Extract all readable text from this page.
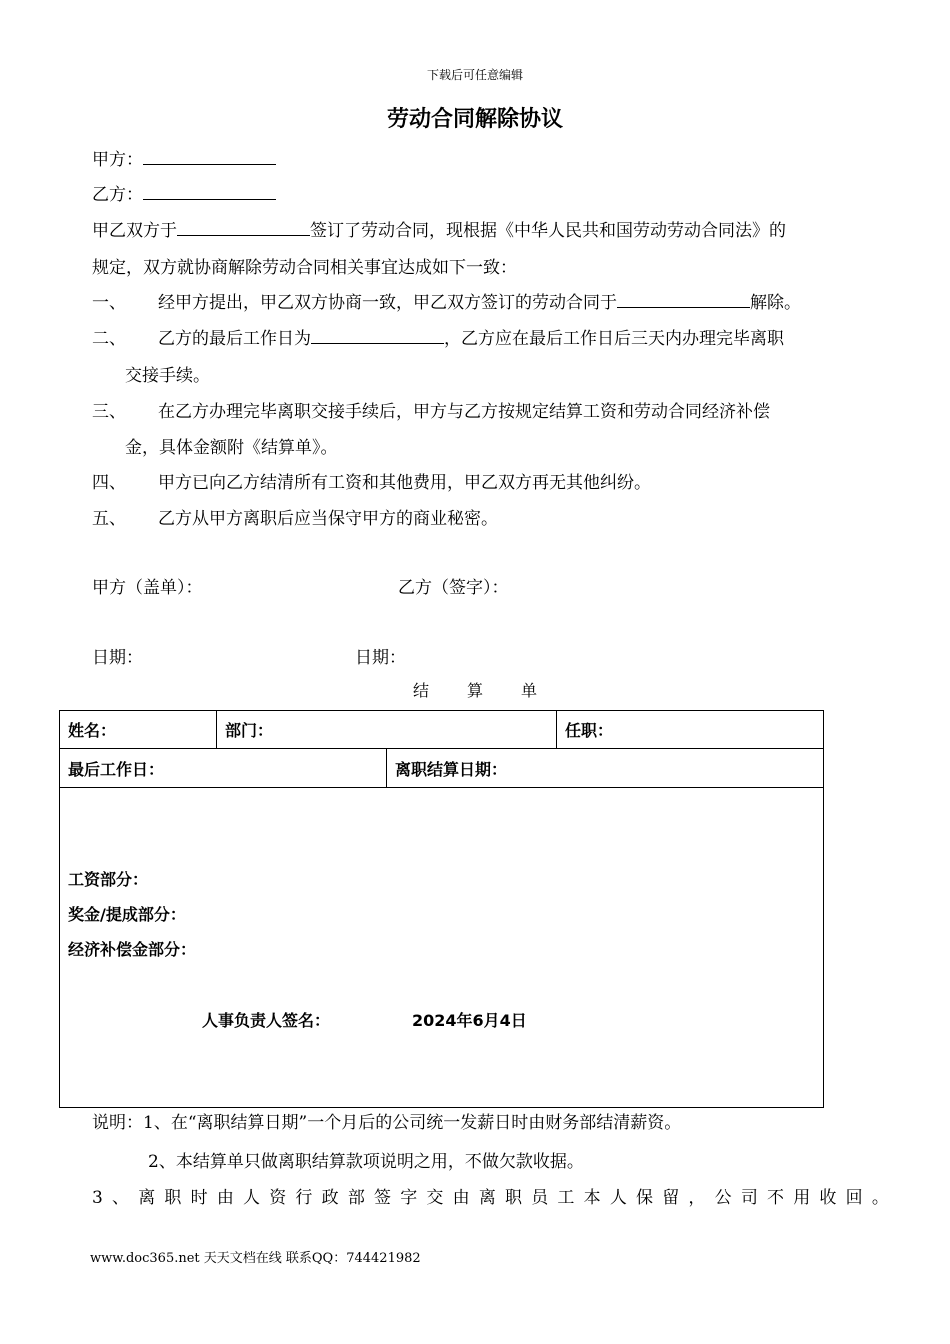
下载后可任意编辑
劳动合同解除协议
甲方：
乙方：
甲乙双方于	签订了劳动合同，现根据《中华人民共和国劳动劳动合同法》的
规定，双方就协商解除劳动合同相关事宜达成如下一致：
一、 经甲方提出，甲乙双方协商一致，甲乙双方签订的劳动合同于	解除。
二、 乙方的最后工作日为	，乙方应在最后工作日后三天内办理完毕离职
交接手续。
三、 在乙方办理完毕离职交接手续后，甲方与乙方按规定结算工资和劳动合同经济补偿
金，具体金额附《结算单》。
四、 甲方已向乙方结清所有工资和其他费用，甲乙双方再无其他纠纷。
五、 乙方从甲方离职后应当保守甲方的商业秘密。
甲方（盖单）：	乙方（签字）：
日期：	日期：
结算单
姓名：	部门：		任职：
最后工作日：		离职结算日期：	

工资部分：
奖金/提成部分：
经济补偿金部分：
人事负责人签名： 2024年6月4日			
说明：1、在“离职结算日期”一个月后的公司统一发薪日时由财务部结清薪资。
2、本结算单只做离职结算款项说明之用，不做欠款收据。
3、离职时由人资行政部签字交由离职员工本人保留，公司不用收回。
www.doc365.net 天天文档在线 联系QQ：744421982
